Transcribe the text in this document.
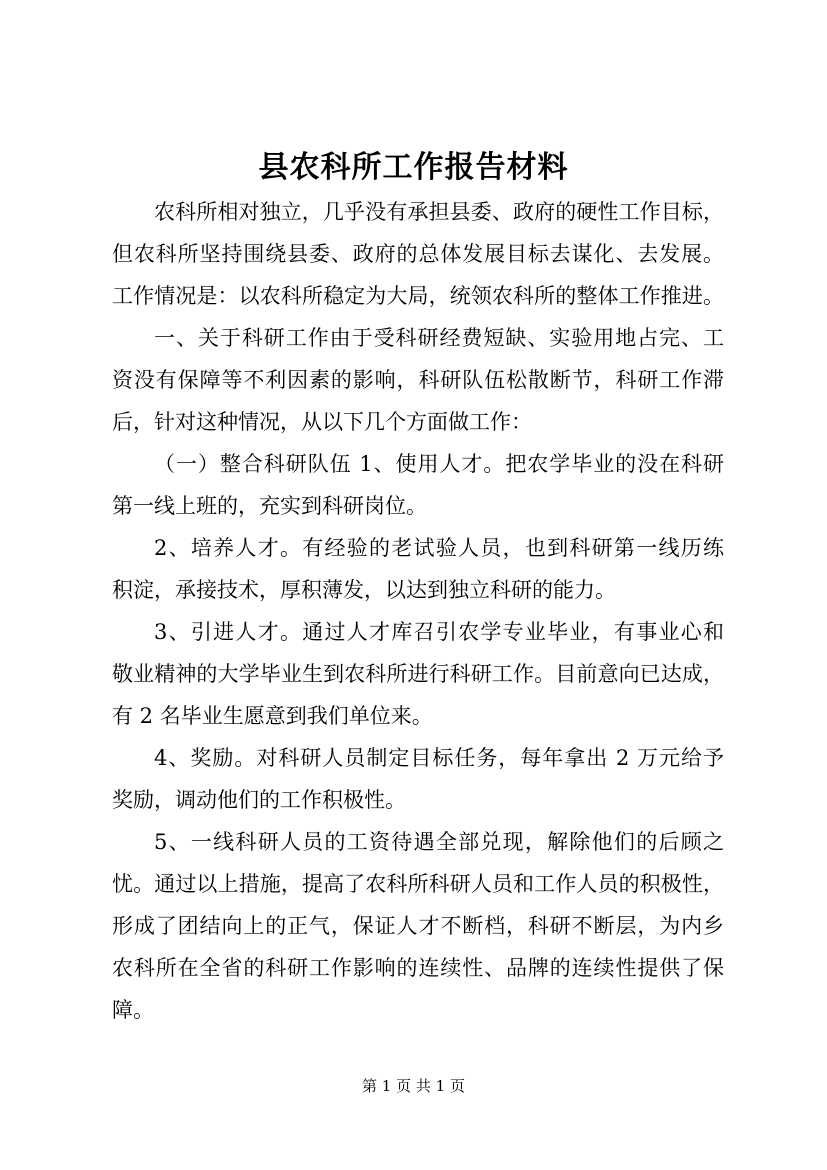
县农科所工作报告材料
农科所相对独立，几乎没有承担县委、政府的硬性工作目标，
但农科所坚持围绕县委、政府的总体发展目标去谋化、去发展。
工作情况是：以农科所稳定为大局，统领农科所的整体工作推进。
一、关于科研工作由于受科研经费短缺、实验用地占完、工
资没有保障等不利因素的影响，科研队伍松散断节，科研工作滞
后，针对这种情况，从以下几个方面做工作：
（一）整合科研队伍 1、使用人才。把农学毕业的没在科研
第一线上班的，充实到科研岗位。
2、培养人才。有经验的老试验人员，也到科研第一线历练
积淀，承接技术，厚积薄发，以达到独立科研的能力。
3、引进人才。通过人才库召引农学专业毕业，有事业心和
敬业精神的大学毕业生到农科所进行科研工作。目前意向已达成，
有 2 名毕业生愿意到我们单位来。
4、奖励。对科研人员制定目标任务，每年拿出 2 万元给予
奖励，调动他们的工作积极性。
5、一线科研人员的工资待遇全部兑现，解除他们的后顾之
忧。通过以上措施，提高了农科所科研人员和工作人员的积极性，
形成了团结向上的正气，保证人才不断档，科研不断层，为内乡
农科所在全省的科研工作影响的连续性、品牌的连续性提供了保
障。
第 1 页 共 1 页
